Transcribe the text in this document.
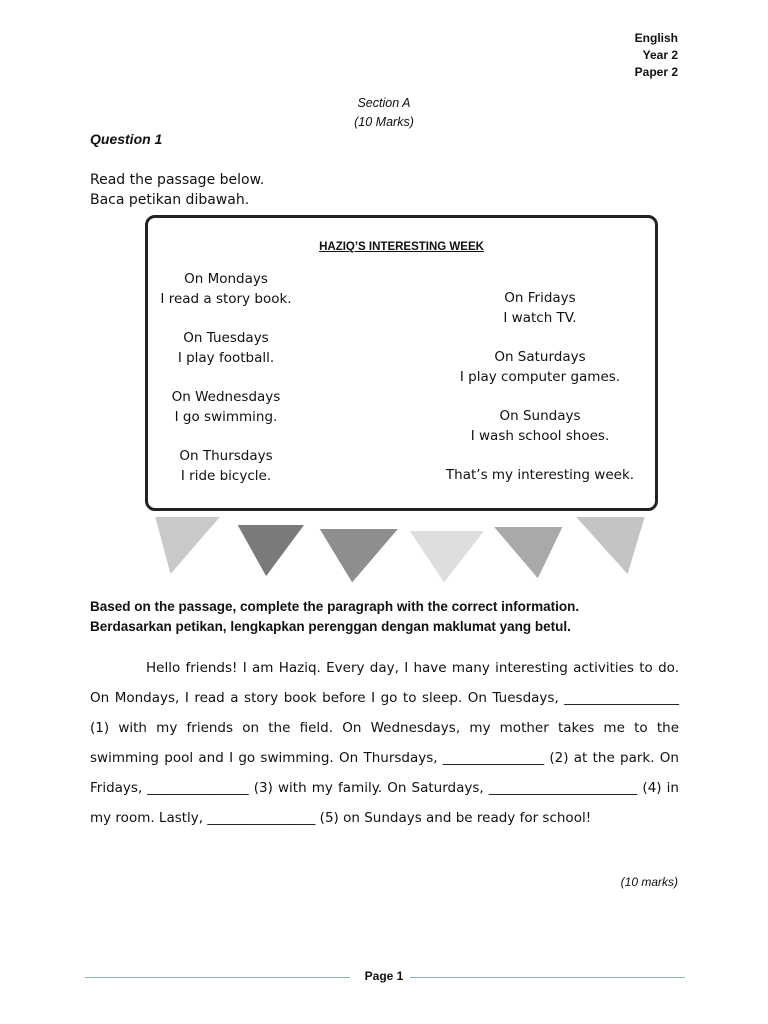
English
Year 2
Paper 2
Section A
(10 Marks)
Question 1
Read the passage below.
Baca petikan dibawah.
HAZIQ’S INTERESTING WEEK
On Mondays
I read a story book.
On Tuesdays
I play football.
On Wednesdays
I go swimming.
On Thursdays
I ride bicycle.
On Fridays
I watch TV.
On Saturdays
I play computer games.
On Sundays
I wash school shoes.
That’s my interesting week.
Based on the passage, complete the paragraph with the correct information.
Berdasarkan petikan, lengkapkan perenggan dengan maklumat yang betul.
Hello friends! I am Haziq. Every day, I have many interesting activities to do. On Mondays, I read a story book before I go to sleep. On Tuesdays, _________________ (1) with my friends on the field. On Wednesdays, my mother takes me to the swimming pool and I go swimming. On Thursdays, _______________ (2) at the park. On Fridays, _______________ (3) with my family. On Saturdays, ______________________ (4) in my room. Lastly, ________________ (5) on Sundays and be ready for school!
(10 marks)
Page 1
